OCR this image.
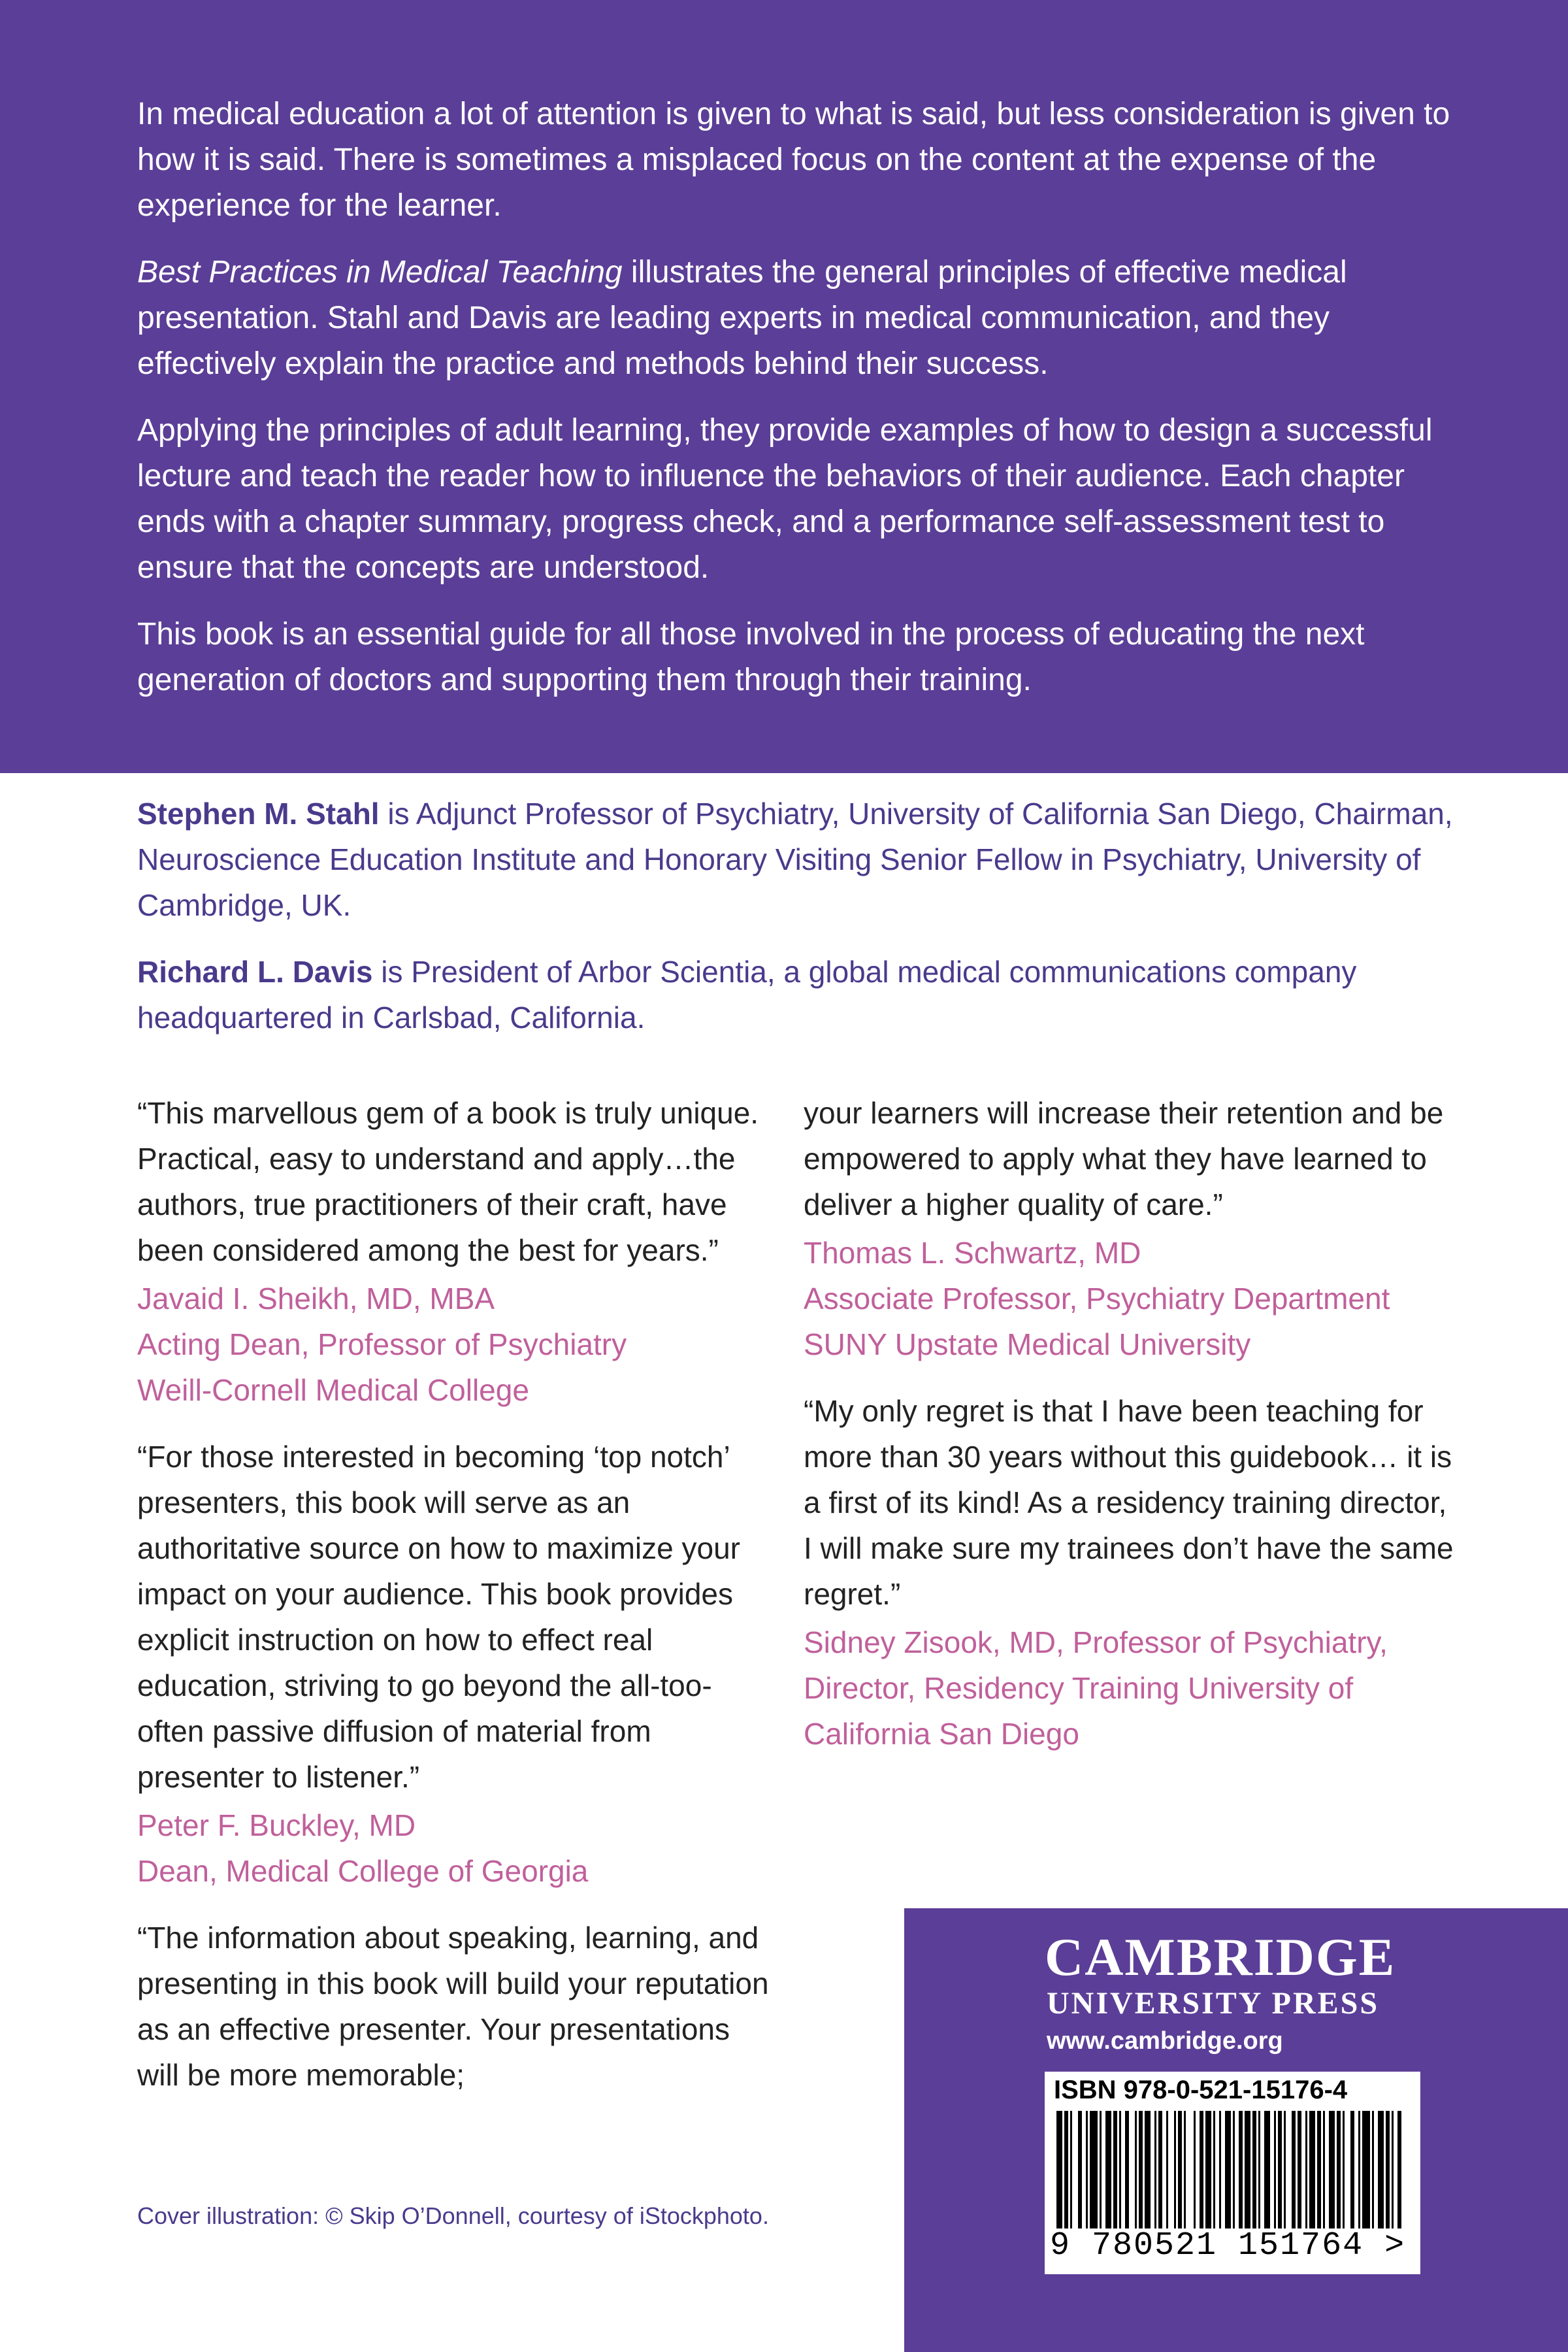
In medical education a lot of attention is given to what is said, but less consideration is given to how it is said. There is sometimes a misplaced focus on the content at the expense of the experience for the learner.

Best Practices in Medical Teaching illustrates the general principles of effective medical presentation. Stahl and Davis are leading experts in medical communication, and they effectively explain the practice and methods behind their success.

Applying the principles of adult learning, they provide examples of how to design a successful lecture and teach the reader how to influence the behaviors of their audience. Each chapter ends with a chapter summary, progress check, and a performance self-assessment test to ensure that the concepts are understood.

This book is an essential guide for all those involved in the process of educating the next generation of doctors and supporting them through their training.

Stephen M. Stahl is Adjunct Professor of Psychiatry, University of California San Diego, Chairman, Neuroscience Education Institute and Honorary Visiting Senior Fellow in Psychiatry, University of Cambridge, UK.

Richard L. Davis is President of Arbor Scientia, a global medical communications company headquartered in Carlsbad, California.

“This marvellous gem of a book is truly unique. Practical, easy to understand and apply…the authors, true practitioners of their craft, have been considered among the best for years.”

Javaid I. Sheikh, MD, MBA
Acting Dean, Professor of Psychiatry
Weill-Cornell Medical College

“For those interested in becoming ‘top notch’ presenters, this book will serve as an authoritative source on how to maximize your impact on your audience. This book provides explicit instruction on how to effect real education, striving to go beyond the all-too-often passive diffusion of material from presenter to listener.”

Peter F. Buckley, MD
Dean, Medical College of Georgia

“The information about speaking, learning, and presenting in this book will build your reputation as an effective presenter. Your presentations will be more memorable;

your learners will increase their retention and be empowered to apply what they have learned to deliver a higher quality of care.”

Thomas L. Schwartz, MD
Associate Professor, Psychiatry Department
SUNY Upstate Medical University

“My only regret is that I have been teaching for more than 30 years without this guidebook… it is a first of its kind! As a residency training director, I will make sure my trainees don’t have the same regret.”

Sidney Zisook, MD, Professor of Psychiatry,
Director, Residency Training University of
California San Diego
Cover illustration: © Skip O’Donnell, courtesy of iStockphoto.
CAMBRIDGE
UNIVERSITY PRESS
www.cambridge.org
ISBN 978-0-521-15176-4
9 780521 151764 >
